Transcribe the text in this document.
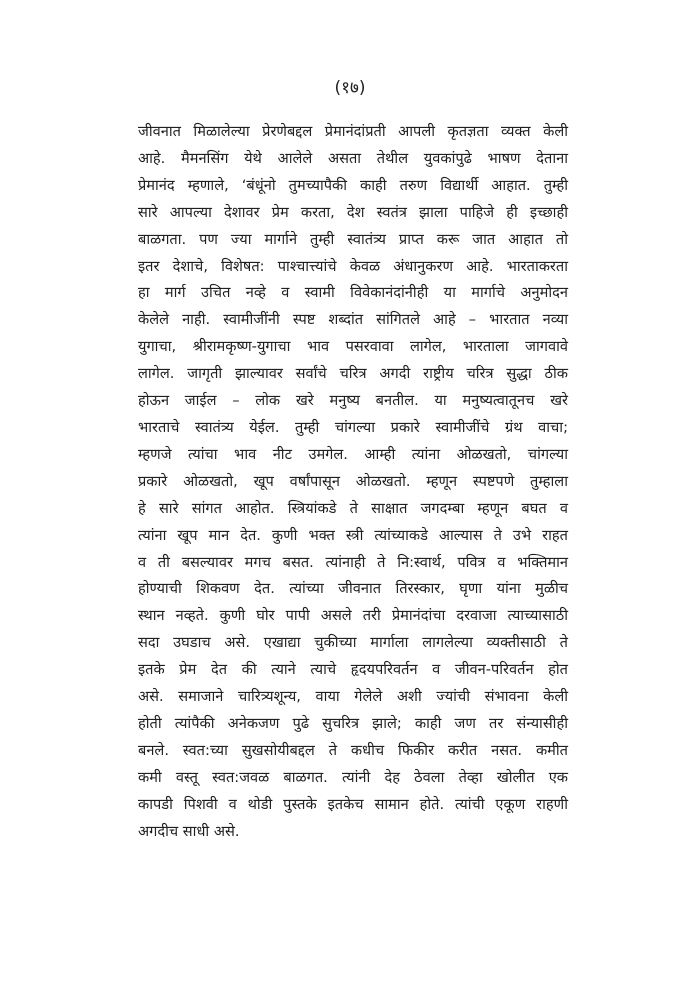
(१७)
जीवनात मिळालेल्या प्रेरणेबद्दल प्रेमानंदांप्रती आपली कृतज्ञता व्यक्त केली
आहे. मैमनसिंग येथे आलेले असता तेथील युवकांपुढे भाषण देताना
प्रेमानंद म्हणाले, ‘बंधूंनो तुमच्यापैकी काही तरुण विद्यार्थी आहात. तुम्ही
सारे आपल्या देशावर प्रेम करता, देश स्वतंत्र झाला पाहिजे ही इच्छाही
बाळगता. पण ज्या मार्गाने तुम्ही स्वातंत्र्य प्राप्त करू जात आहात तो
इतर देशाचे, विशेषत: पाश्चात्त्यांचे केवळ अंधानुकरण आहे. भारताकरता
हा मार्ग उचित नव्हे व स्वामी विवेकानंदांनीही या मार्गाचे अनुमोदन
केलेले नाही. स्वामीजींनी स्पष्ट शब्दांत सांगितले आहे – भारतात नव्या
युगाचा, श्रीरामकृष्ण-युगाचा भाव पसरवावा लागेल, भारताला जागवावे
लागेल. जागृती झाल्यावर सर्वांचे चरित्र अगदी राष्ट्रीय चरित्र सुद्धा ठीक
होऊन जाईल – लोक खरे मनुष्य बनतील. या मनुष्यत्वातूनच खरे
भारताचे स्वातंत्र्य येईल. तुम्ही चांगल्या प्रकारे स्वामीजींचे ग्रंथ वाचा;
म्हणजे त्यांचा भाव नीट उमगेल. आम्ही त्यांना ओळखतो, चांगल्या
प्रकारे ओळखतो, खूप वर्षांपासून ओळखतो. म्हणून स्पष्टपणे तुम्हाला
हे सारे सांगत आहोत. स्त्रियांकडे ते साक्षात जगदम्बा म्हणून बघत व
त्यांना खूप मान देत. कुणी भक्त स्त्री त्यांच्याकडे आल्यास ते उभे राहत
व ती बसल्यावर मगच बसत. त्यांनाही ते नि:स्वार्थ, पवित्र व भक्तिमान
होण्याची शिकवण देत. त्यांच्या जीवनात तिरस्कार, घृणा यांना मुळीच
स्थान नव्हते. कुणी घोर पापी असले तरी प्रेमानंदांचा दरवाजा त्याच्यासाठी
सदा उघडाच असे. एखाद्या चुकीच्या मार्गाला लागलेल्या व्यक्तीसाठी ते
इतके प्रेम देत की त्याने त्याचे हृदयपरिवर्तन व जीवन-परिवर्तन होत
असे. समाजाने चारित्र्यशून्य, वाया गेलेले अशी ज्यांची संभावना केली
होती त्यांपैकी अनेकजण पुढे सुचरित्र झाले; काही जण तर संन्यासीही
बनले. स्वत:च्या सुखसोयीबद्दल ते कधीच फिकीर करीत नसत. कमीत
कमी वस्तू स्वत:जवळ बाळगत. त्यांनी देह ठेवला तेव्हा खोलीत एक
कापडी पिशवी व थोडी पुस्तके इतकेच सामान होते. त्यांची एकूण राहणी
अगदीच साधी असे.
